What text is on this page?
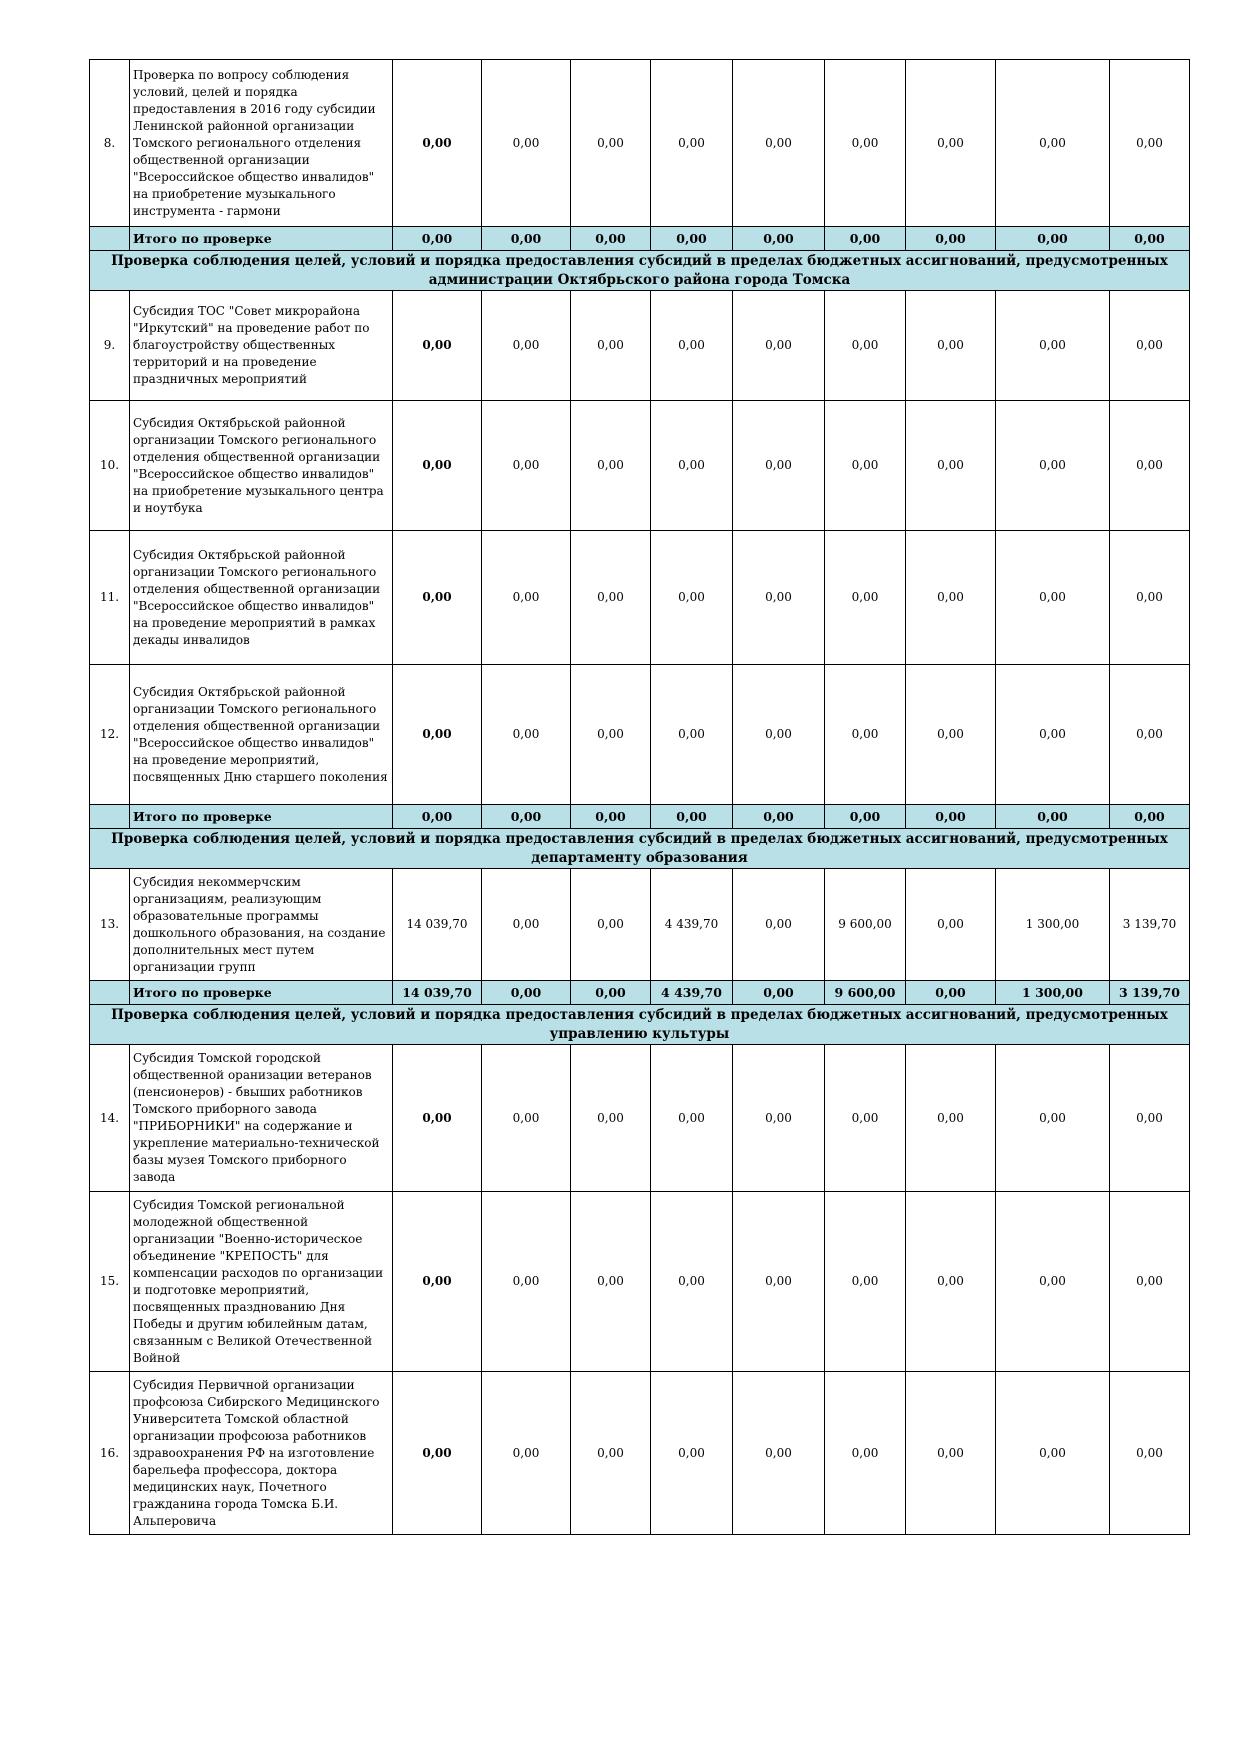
8.	Проверка по вопросу соблюдения условий, целей и порядка предоставления в 2016 году субсидии Ленинской районной организации Томского регионального отделения общественной организации "Всероссийское общество инвалидов" на приобретение музыкального инструмента - гармони	0,00	0,00	0,00	0,00	0,00	0,00	0,00	0,00	0,00
	Итого по проверке	0,00	0,00	0,00	0,00	0,00	0,00	0,00	0,00	0,00
Проверка соблюдения целей, условий и порядка предоставления субсидий в пределах бюджетных ассигнований, предусмотренных администрации Октябрьского района города Томска										
9.	Субсидия ТОС "Совет микрорайона "Иркутский" на проведение работ по благоустройству общественных территорий и на проведение праздничных мероприятий	0,00	0,00	0,00	0,00	0,00	0,00	0,00	0,00	0,00
10.	Субсидия Октябрьской районной организации Томского регионального отделения общественной организации "Всероссийское общество инвалидов" на приобретение музыкального центра и ноутбука	0,00	0,00	0,00	0,00	0,00	0,00	0,00	0,00	0,00
11.	Субсидия Октябрьской районной организации Томского регионального отделения общественной организации "Всероссийское общество инвалидов" на проведение мероприятий в рамках декады инвалидов	0,00	0,00	0,00	0,00	0,00	0,00	0,00	0,00	0,00
12.	Субсидия Октябрьской районной организации Томского регионального отделения общественной организации "Всероссийское общество инвалидов" на проведение мероприятий, посвященных Дню старшего поколения	0,00	0,00	0,00	0,00	0,00	0,00	0,00	0,00	0,00
	Итого по проверке	0,00	0,00	0,00	0,00	0,00	0,00	0,00	0,00	0,00
Проверка соблюдения целей, условий и порядка предоставления субсидий в пределах бюджетных ассигнований, предусмотренных департаменту образования										
13.	Субсидия некоммерчским организациям, реализующим образовательные программы дошкольного образования, на создание дополнительных мест путем организации групп	14 039,70	0,00	0,00	4 439,70	0,00	9 600,00	0,00	1 300,00	3 139,70
	Итого по проверке	14 039,70	0,00	0,00	4 439,70	0,00	9 600,00	0,00	1 300,00	3 139,70
Проверка соблюдения целей, условий и порядка предоставления субсидий в пределах бюджетных ассигнований, предусмотренных управлению культуры										
14.	Субсидия Томской городской общественной оранизации ветеранов (пенсионеров) - бвыших работников Томского приборного завода "ПРИБОРНИКИ" на содержание и укрепление материально-технической базы музея Томского приборного завода	0,00	0,00	0,00	0,00	0,00	0,00	0,00	0,00	0,00
15.	Субсидия Томской региональной молодежной общественной организации "Военно-историческое объединение "КРЕПОСТЬ" для компенсации расходов по организации и подготовке мероприятий, посвященных празднованию Дня Победы и другим юбилейным датам, связанным с Великой Отечественной Войной	0,00	0,00	0,00	0,00	0,00	0,00	0,00	0,00	0,00
16.	Субсидия Первичной организации профсоюза Сибирского Медицинского Университета Томской областной организации профсоюза работников здравоохранения РФ на изготовление барельефа профессора, доктора медицинских наук, Почетного гражданина города Томска Б.И. Альперовича	0,00	0,00	0,00	0,00	0,00	0,00	0,00	0,00	0,00
